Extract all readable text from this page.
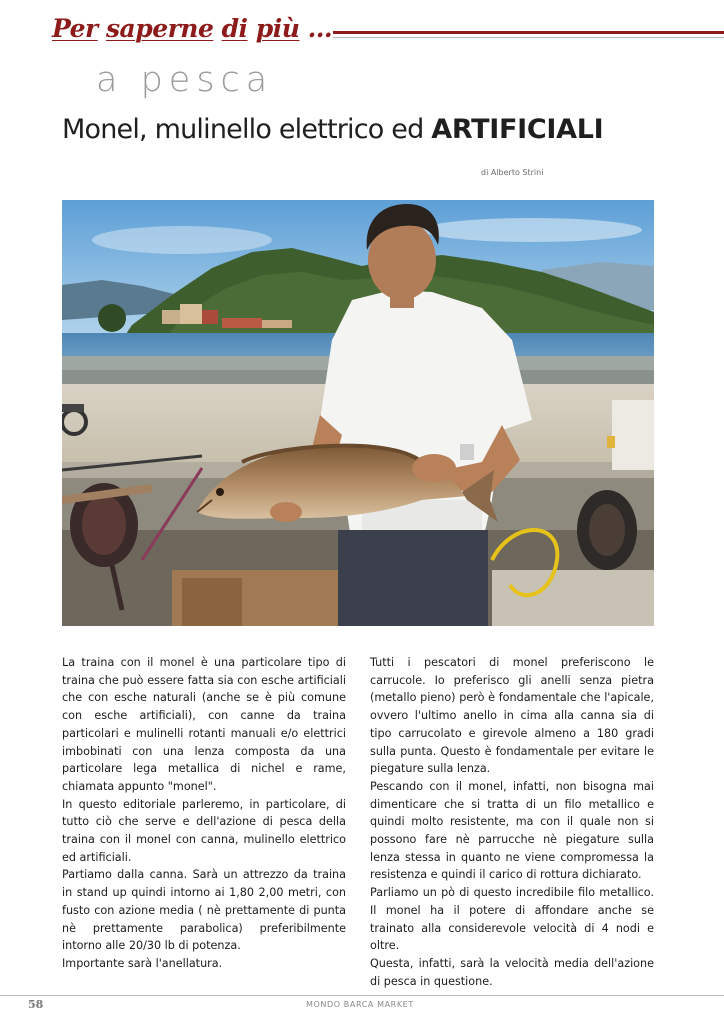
Per saperne di più …
a pesca
Monel, mulinello elettrico ed ARTIFICIALI
di Alberto Strini

La traina con il monel è una particolare tipo di traina che può essere fatta sia con esche artificiali che con esche naturali (anche se è più comune con esche artificiali), con canne da traina particolari e mulinelli rotanti manuali e/o elettrici imbobinati con una lenza composta da una particolare lega metallica di nichel e rame, chiamata appunto "monel".

In questo editoriale parleremo, in particolare, di tutto ciò che serve e dell'azione di pesca della traina con il monel con canna, mulinello elettrico ed artificiali.

Partiamo dalla canna. Sarà un attrezzo da traina in stand up quindi intorno ai 1,80 2,00 metri, con fusto con azione media ( nè prettamente di punta nè prettamente parabolica) preferibilmente intorno alle 20/30 lb di potenza.

Importante sarà l'anellatura.

Tutti i pescatori di monel preferiscono le carrucole. Io preferisco gli anelli senza pietra (metallo pieno) però è fondamentale che l'apicale, ovvero l'ultimo anello in cima alla canna sia di tipo carrucolato e girevole almeno a 180 gradi sulla punta. Questo è fondamentale per evitare le piegature sulla lenza.

Pescando con il monel, infatti, non bisogna mai dimenticare che si tratta di un filo metallico e quindi molto resistente, ma con il quale non si possono fare nè parrucche nè piegature sulla lenza stessa in quanto ne viene compromessa la resistenza e quindi il carico di rottura dichiarato.

Parliamo un pò di questo incredibile filo metallico. Il monel ha il potere di affondare anche se trainato alla considerevole velocità di 4 nodi e oltre.

Questa, infatti, sarà la velocità media dell'azione di pesca in questione.

58	MONDO BARCA MARKET
